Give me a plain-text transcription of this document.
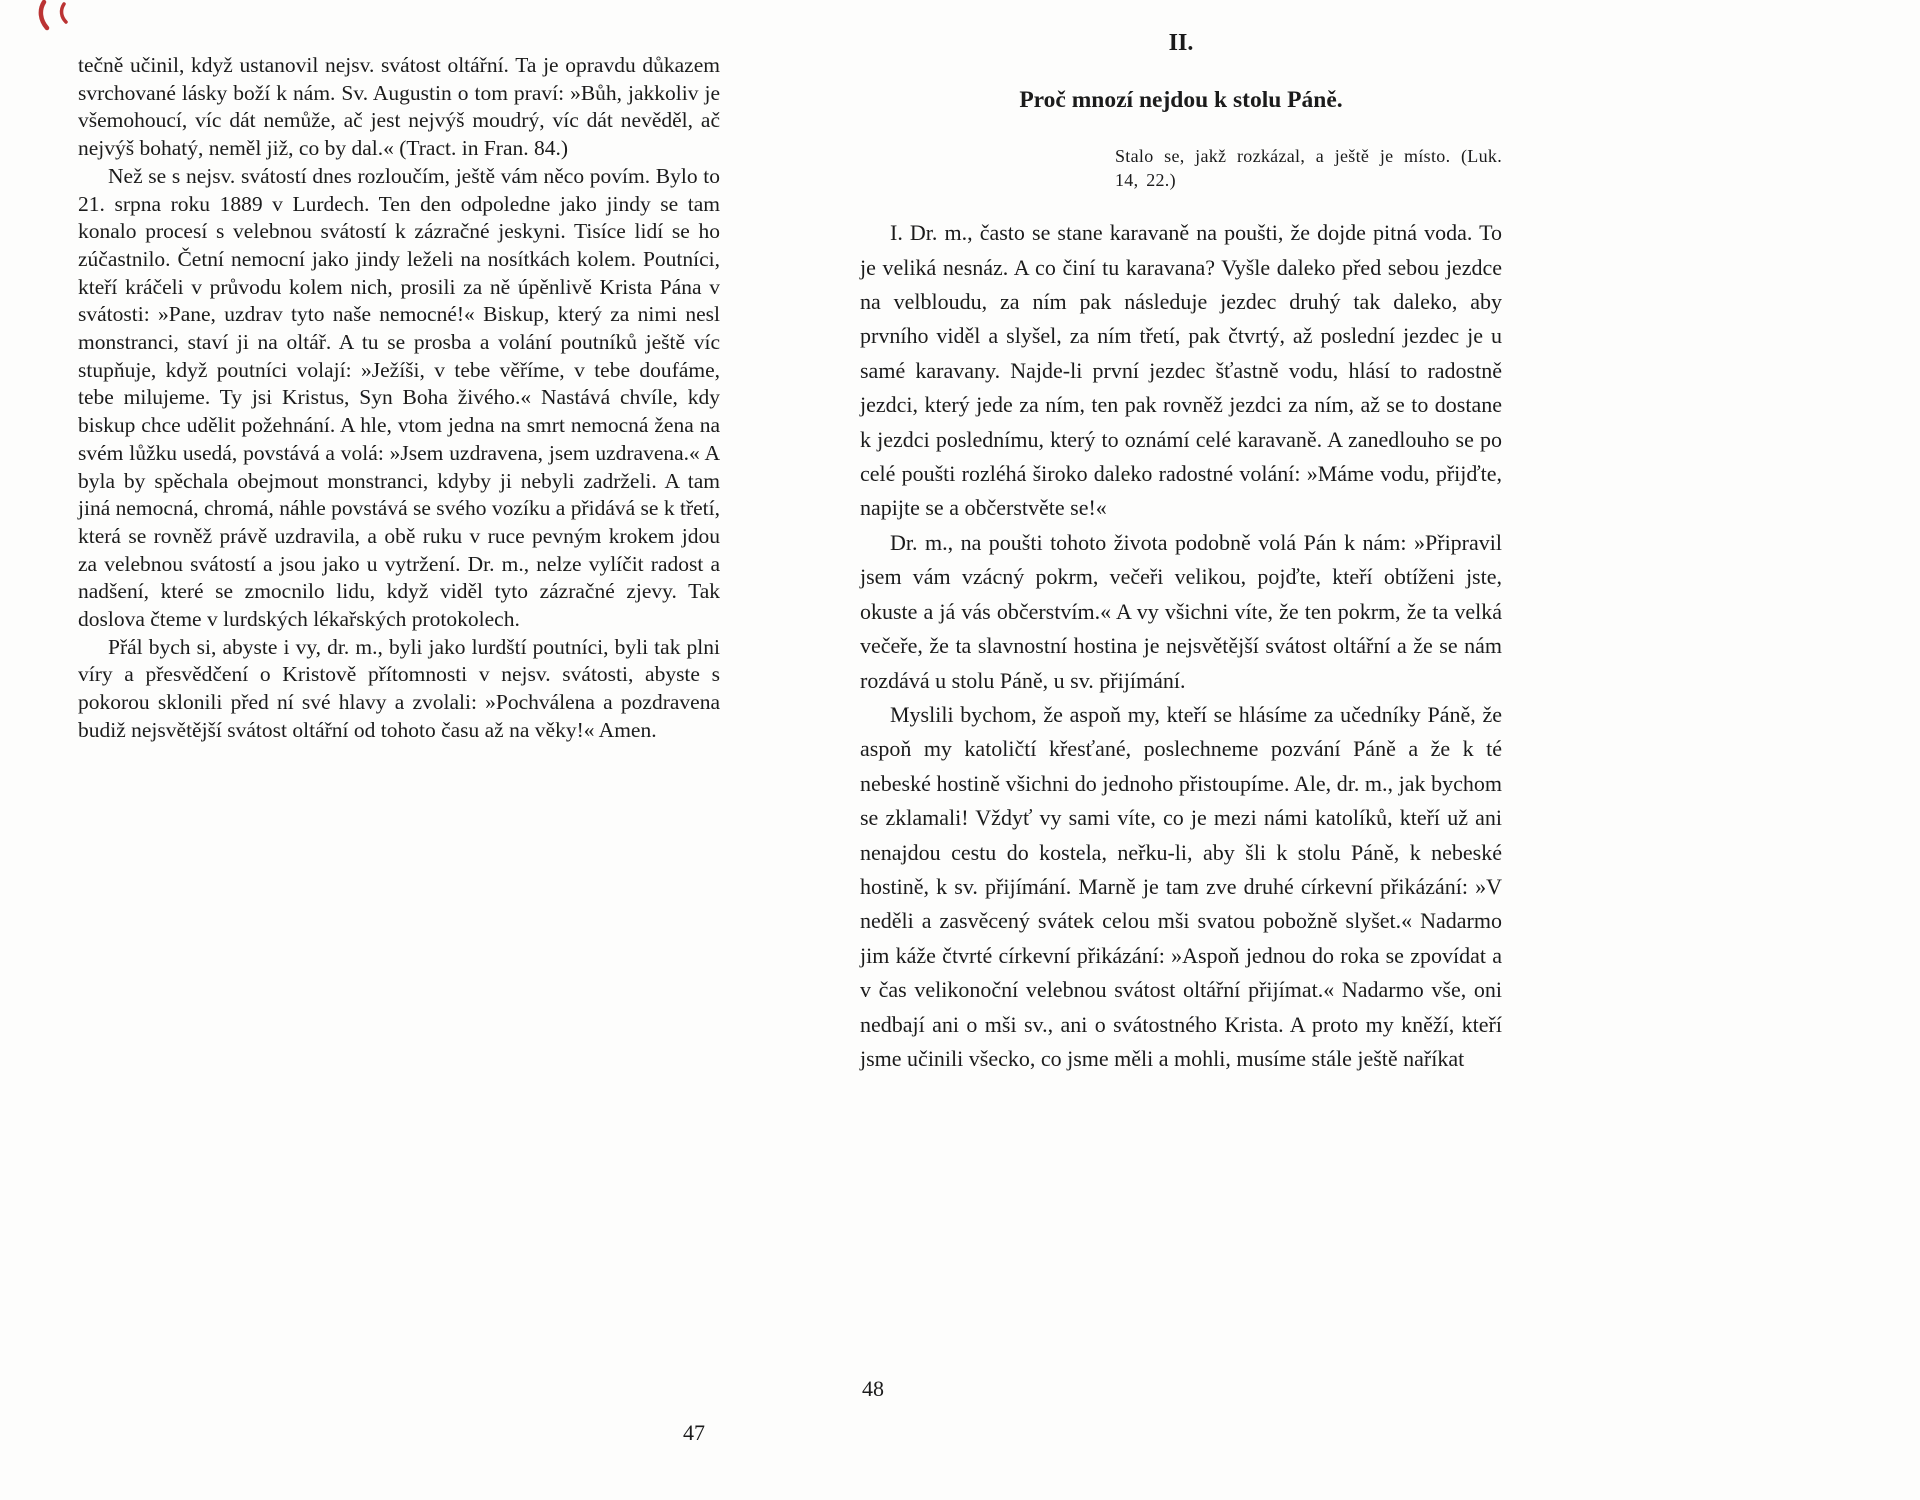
tečně učinil, když ustanovil nejsv. svátost oltářní. Ta je opravdu důkazem svrchované lásky boží k nám. Sv. Augustin o tom praví: »Bůh, jakkoliv je všemohoucí, víc dát nemůže, ač jest nejvýš moudrý, víc dát nevěděl, ač nejvýš bohatý, neměl již, co by dal.« (Tract. in Fran. 84.)

Než se s nejsv. svátostí dnes rozloučím, ještě vám něco povím. Bylo to 21. srpna roku 1889 v Lurdech. Ten den odpoledne jako jindy se tam konalo procesí s velebnou svátostí k zázračné jeskyni. Tisíce lidí se ho zúčastnilo. Četní nemocní jako jindy leželi na nosítkách kolem. Poutníci, kteří kráčeli v průvodu kolem nich, prosili za ně úpěnlivě Krista Pána v svátosti: »Pane, uzdrav tyto naše nemocné!« Biskup, který za nimi nesl monstranci, staví ji na oltář. A tu se prosba a volání poutníků ještě víc stupňuje, když poutníci volají: »Ježíši, v tebe věříme, v tebe doufáme, tebe milujeme. Ty jsi Kristus, Syn Boha živého.« Nastává chvíle, kdy biskup chce udělit požehnání. A hle, vtom jedna na smrt nemocná žena na svém lůžku usedá, povstává a volá: »Jsem uzdravena, jsem uzdravena.« A byla by spěchala obejmout monstranci, kdyby ji nebyli zadrželi. A tam jiná nemocná, chromá, náhle povstává se svého vozíku a přidává se k třetí, která se rovněž právě uzdravila, a obě ruku v ruce pevným krokem jdou za velebnou svátostí a jsou jako u vytržení. Dr. m., nelze vylíčit radost a nadšení, které se zmocnilo lidu, když viděl tyto zázračné zjevy. Tak doslova čteme v lurdských lékařských protokolech.

Přál bych si, abyste i vy, dr. m., byli jako lurdští poutníci, byli tak plni víry a přesvědčení o Kristově přítomnosti v nejsv. svátosti, abyste s pokorou sklonili před ní své hlavy a zvolali: »Pochválena a pozdravena budiž nejsvětější svátost oltářní od tohoto času až na věky!« Amen.

II.
Proč mnozí nejdou k stolu Páně.
Stalo se, jakž rozkázal, a ještě je místo. (Luk. 14, 22.)

I. Dr. m., často se stane karavaně na poušti, že dojde pitná voda. To je veliká nesnáz. A co činí tu karavana? Vyšle daleko před sebou jezdce na velbloudu, za ním pak následuje jezdec druhý tak daleko, aby prvního viděl a slyšel, za ním třetí, pak čtvrtý, až poslední jezdec je u samé karavany. Najde-li první jezdec šťastně vodu, hlásí to radostně jezdci, který jede za ním, ten pak rovněž jezdci za ním, až se to dostane k jezdci poslednímu, který to oznámí celé karavaně. A zanedlouho se po celé poušti rozléhá široko daleko radostné volání: »Máme vodu, přijďte, napijte se a občerstvěte se!«

Dr. m., na poušti tohoto života podobně volá Pán k nám: »Připravil jsem vám vzácný pokrm, večeři velikou, pojďte, kteří obtíženi jste, okuste a já vás občerstvím.« A vy všichni víte, že ten pokrm, že ta velká večeře, že ta slavnostní hostina je nejsvětější svátost oltářní a že se nám rozdává u stolu Páně, u sv. přijímání.

Myslili bychom, že aspoň my, kteří se hlásíme za učedníky Páně, že aspoň my katoličtí křesťané, poslechneme pozvání Páně a že k té nebeské hostině všichni do jednoho přistoupíme. Ale, dr. m., jak bychom se zklamali! Vždyť vy sami víte, co je mezi námi katolíků, kteří už ani nenajdou cestu do kostela, neřku-li, aby šli k stolu Páně, k nebeské hostině, k sv. přijímání. Marně je tam zve druhé církevní přikázání: »V neděli a zasvěcený svátek celou mši svatou pobožně slyšet.« Nadarmo jim káže čtvrté církevní přikázání: »Aspoň jednou do roka se zpovídat a v čas velikonoční velebnou svátost oltářní přijímat.« Nadarmo vše, oni nedbají ani o mši sv., ani o svátostného Krista. A proto my kněží, kteří jsme učinili všecko, co jsme měli a mohli, musíme stále ještě naříkat

47
48
